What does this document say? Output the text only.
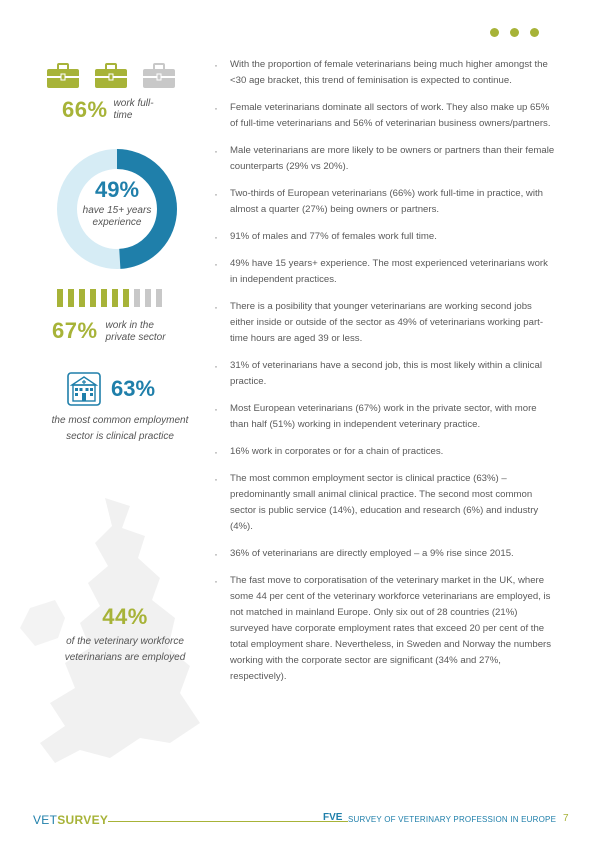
66% work full-time
49%
have 15+ years experience
67% work in the private sector
63%
the most common employment sector is clinical practice
44%
of the veterinary workforce veterinarians are employed
· With the proportion of female veterinarians being much higher amongst the <30 age bracket, this trend of feminisation is expected to continue.
· Female veterinarians dominate all sectors of work. They also make up 65% of full-time veterinarians and 56% of veterinarian business owners/partners.
· Male veterinarians are more likely to be owners or partners than their female counterparts (29% vs 20%).
· Two-thirds of European veterinarians (66%) work full-time in practice, with almost a quarter (27%) being owners or partners.
· 91% of males and 77% of females work full time.
· 49% have 15 years+ experience. The most experienced veterinarians work in independent practices.
· There is a posibility that younger veterinarians are working second jobs either inside or outside of the sector as 49% of veterinarians working part-time hours are aged 39 or less.
· 31% of veterinarians have a second job, this is most likely within a clinical practice.
· Most European veterinarians (67%) work in the private sector, with more than half (51%) working in independent veterinary practice.
· 16% work in corporates or for a chain of practices.
· The most common employment sector is clinical practice (63%) – predominantly small animal clinical practice. The second most common sector is public service (14%), education and research (6%) and industry (4%).
· 36% of veterinarians are directly employed – a 9% rise since 2015.
· The fast move to corporatisation of the veterinary market in the UK, where some 44 per cent of the veterinary workforce veterinarians are employed, is not matched in mainland Europe. Only six out of 28 countries (21%) surveyed have corporate employment rates that exceed 20 per cent of the total employment share. Nevertheless, in Sweden and Norway the numbers working with the corporate sector are significant (34% and 27%, respectively).
VETSURVEY	FVE SURVEY OF VETERINARY PROFESSION IN EUROPE 7
